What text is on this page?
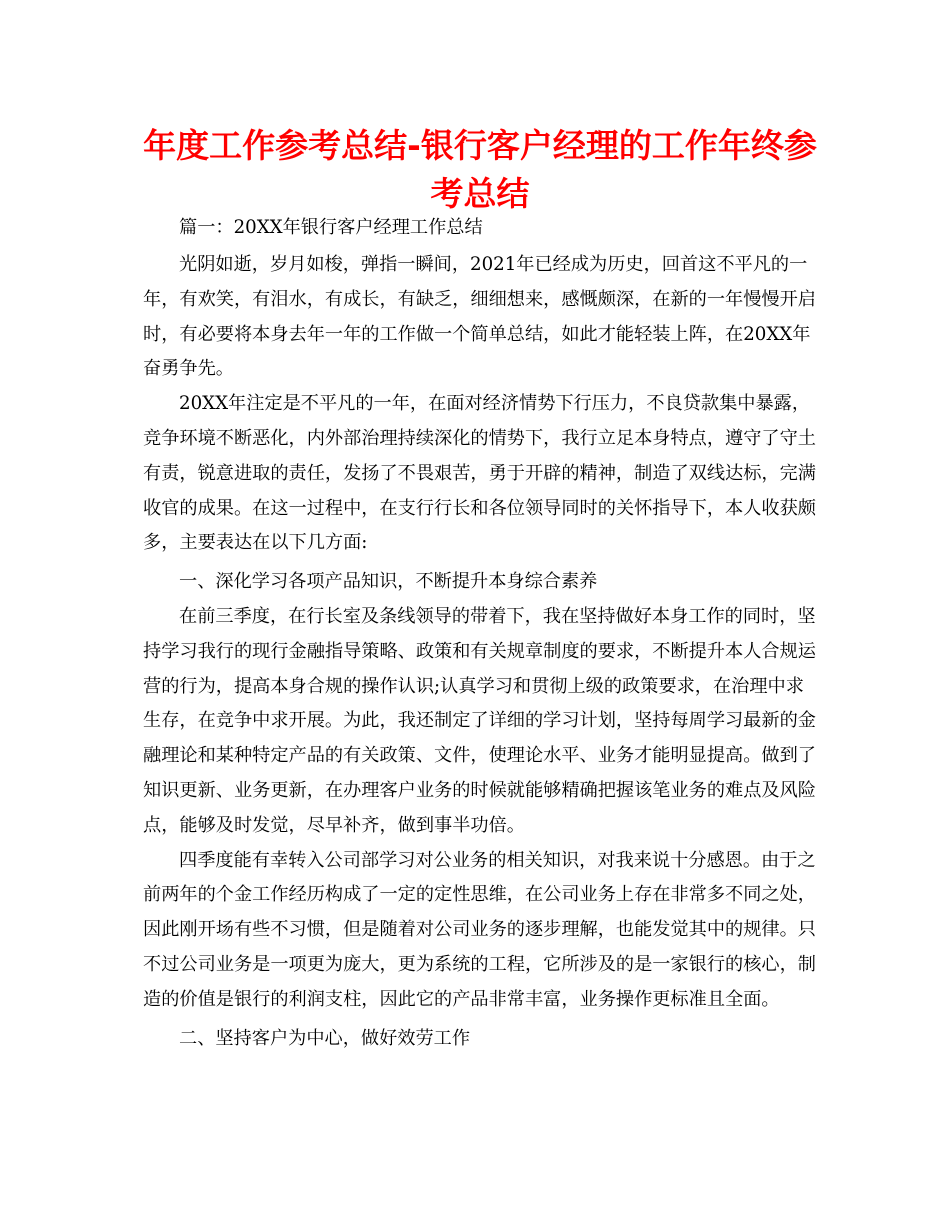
年度工作参考总结-银行客户经理的工作年终参考总结

篇一：20XX年银行客户经理工作总结

光阴如逝，岁月如梭，弹指一瞬间，2021年已经成为历史，回首这不平凡的一年，有欢笑，有泪水，有成长，有缺乏，细细想来，感慨颇深，在新的一年慢慢开启时，有必要将本身去年一年的工作做一个简单总结，如此才能轻装上阵，在20XX年奋勇争先。

20XX年注定是不平凡的一年，在面对经济情势下行压力，不良贷款集中暴露，竞争环境不断恶化，内外部治理持续深化的情势下，我行立足本身特点，遵守了守土有责，锐意进取的责任，发扬了不畏艰苦，勇于开辟的精神，制造了双线达标，完满收官的成果。在这一过程中，在支行行长和各位领导同时的关怀指导下，本人收获颇多，主要表达在以下几方面:

一、深化学习各项产品知识，不断提升本身综合素养

在前三季度，在行长室及条线领导的带着下，我在坚持做好本身工作的同时，坚持学习我行的现行金融指导策略、政策和有关规章制度的要求，不断提升本人合规运营的行为，提高本身合规的操作认识;认真学习和贯彻上级的政策要求，在治理中求生存，在竞争中求开展。为此，我还制定了详细的学习计划，坚持每周学习最新的金融理论和某种特定产品的有关政策、文件，使理论水平、业务才能明显提高。做到了知识更新、业务更新，在办理客户业务的时候就能够精确把握该笔业务的难点及风险点，能够及时发觉，尽早补齐，做到事半功倍。

四季度能有幸转入公司部学习对公业务的相关知识，对我来说十分感恩。由于之前两年的个金工作经历构成了一定的定性思维，在公司业务上存在非常多不同之处，因此刚开场有些不习惯，但是随着对公司业务的逐步理解，也能发觉其中的规律。只不过公司业务是一项更为庞大，更为系统的工程，它所涉及的是一家银行的核心，制造的价值是银行的利润支柱，因此它的产品非常丰富，业务操作更标准且全面。

二、坚持客户为中心，做好效劳工作
